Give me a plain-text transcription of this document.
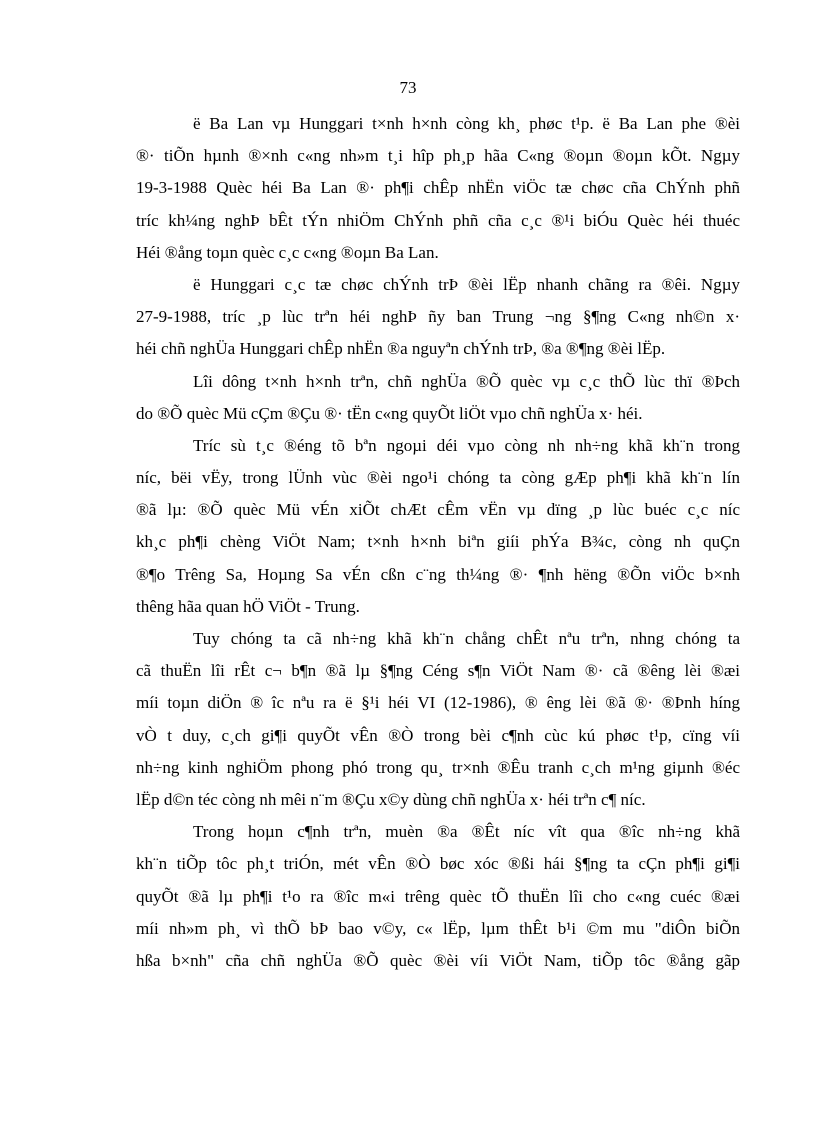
73
ë Ba Lan vµ Hunggari t×nh h×nh còng kh¸ phøc t¹p. ë Ba Lan phe ®èi
®· tiÕn hµnh ®×nh c«ng nh»m t¸i hîp ph¸p hãa C«ng ®oµn ®oµn kÕt. Ngµy
19-3-1988 Quèc héi Ba Lan ®· ph¶i chÊp nhËn viÖc tæ chøc cña ChÝnh phñ
tríc kh¼ng nghÞ bÊt tÝn nhiÖm ChÝnh phñ cña c¸c ®¹i biÓu Quèc héi thuéc
Héi ®ång toµn quèc c¸c c«ng ®oµn Ba Lan.
ë Hunggari c¸c tæ chøc chÝnh trÞ ®èi lËp nhanh chãng ra ®êi. Ngµy
27-9-1988, tríc ¸p lùc trªn héi nghÞ ñy ban Trung ¬ng §¶ng C«ng nh©n x·
héi chñ nghÜa Hunggari chÊp nhËn ®a nguyªn chÝnh trÞ, ®a ®¶ng ®èi lËp.
Lîi dông t×nh h×nh trªn, chñ nghÜa ®Õ quèc vµ c¸c thÕ lùc thï ®Þch
do ®Õ quèc Mü cÇm ®Çu ®· tËn c«ng quyÕt liÖt vµo chñ nghÜa x· héi.
Tríc sù t¸c ®éng tõ bªn ngoµi déi vµo còng nh nh÷ng khã kh¨n trong
níc, bëi vËy, trong lÜnh vùc ®èi ngo¹i chóng ta còng gÆp ph¶i khã kh¨n lín
®ã lµ: ®Õ quèc Mü vÉn xiÕt chÆt cÊm vËn vµ dïng ¸p lùc buéc c¸c níc
kh¸c ph¶i chèng ViÖt Nam; t×nh h×nh biªn giíi phÝa B¾c, còng nh quÇn
®¶o Trêng Sa, Hoµng Sa vÉn cßn c¨ng th¼ng ®· ¶nh hëng ®Õn viÖc b×nh
thêng hãa quan hÖ ViÖt - Trung.
Tuy chóng ta cã nh÷ng khã kh¨n chång chÊt nªu trªn, nhng chóng ta
cã thuËn lîi rÊt c¬ b¶n ®ã lµ §¶ng Céng s¶n ViÖt Nam ®· cã ®êng lèi ®æi
míi toµn diÖn ® îc nªu ra ë §¹i héi VI (12-1986), ® êng lèi ®ã ®· ®Þnh híng
vÒ t duy, c¸ch gi¶i quyÕt vÊn ®Ò trong bèi c¶nh cùc kú phøc t¹p, cïng víi
nh÷ng kinh nghiÖm phong phó trong qu¸ tr×nh ®Êu tranh c¸ch m¹ng giµnh ®éc
lËp d©n téc còng nh mêi n¨m ®Çu x©y dùng chñ nghÜa x· héi trªn c¶ níc.
Trong hoµn c¶nh trªn, muèn ®a ®Êt níc vît qua ®îc nh÷ng khã
kh¨n tiÕp tôc ph¸t triÓn, mét vÊn ®Ò bøc xóc ®ßi hái §¶ng ta cÇn ph¶i gi¶i
quyÕt ®ã lµ ph¶i t¹o ra ®îc m«i trêng quèc tÕ thuËn lîi cho c«ng cuéc ®æi
míi nh»m ph¸ vì thÕ bÞ bao v©y, c« lËp, lµm thÊt b¹i ©m mu "diÔn biÕn
hßa b×nh" cña chñ nghÜa ®Õ quèc ®èi víi ViÖt Nam, tiÕp tôc ®ång gãp
